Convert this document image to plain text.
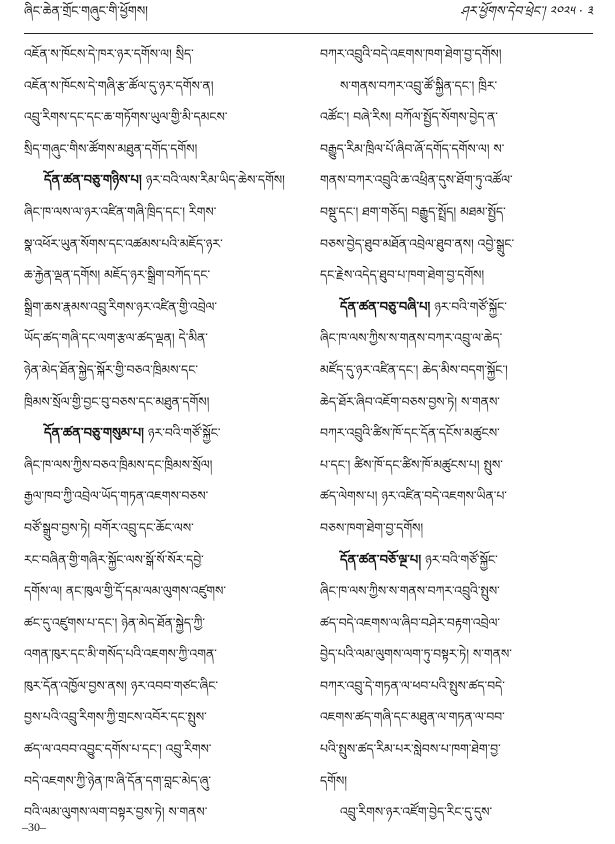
ཞིང་ཆེན་གྲོང་གཞུང་གི་ཕྱོགས།	ཤར་ཕྱོགས་དེབ་ཕྲེང་། ༢༠༢༥ · ༣
འཇོན་ས་ཁོངས་དེ་ཁར་ཉར་དགོས་ལ། སྲིད་
འཇོན་ས་ཁོངས་དེ་གཞི་རྩ་ཚོལ་དུ་ཉར་དགོས་ན།
འབྲུ་རིགས་དང་དང་ཆ་གཏོགས་ཡུལ་གྱི་མི་དམངས་
སྲིད་གཞུང་གིས་ཚོགས་མཐུན་དགོད་དགོས།
དོན་ཚན་བཅུ་གཉིས་པ། ཉར་བའི་ལས་རིམ་ཡིད་ཆེས་དགོས།
ཞིང་ཁ་ལས་ལ་ཉར་འཛིན་གཞི་ཁྲིད་དང་། རིགས་
སྣ་འཕོར་ཡུན་སོགས་དང་འཚམས་པའི་མཇོད་ཉར་
ཆ་རྐྱེན་ལྡན་དགོས། མཇོད་ཉར་སྒྲིག་བཀོད་དང་
སྒྲིག་ཆས་རྣམས་འབྲུ་རིགས་ཉར་འཛིན་གྱི་འབྲེལ་
ཡོད་ཚད་གཞི་དང་ལག་རྩལ་ཚད་ལྡན། དེ་མིན་
ཉེན་མེད་ཐོན་སྐྱེད་སྐོར་གྱི་བཅའ་ཁྲིམས་དང་
ཁྲིམས་སྲོལ་གྱི་བྱང་བུ་བཅས་དང་མཐུན་དགོས།
དོན་ཚན་བཅུ་གསུམ་པ། ཉར་བའི་གཙོ་སྐྱོང་
ཞིང་ཁ་ལས་ཀྱིས་བཅའ་ཁྲིམས་དང་ཁྲིམས་སྲོལ།
རྒྱལ་ཁབ་ཀྱི་འབྲེལ་ཡོད་གཏན་འཇགས་བཅས་
བཙོ་སྒྲུབ་བྱས་ཏེ། བགོར་འབྲུ་དང་ཆོང་ལས་
རང་བཞིན་གྱི་གཞིར་སྐྱོང་ལས་སྒོ་སོ་སོར་དབྱེ་
དགོས་ལ། ནང་ཁུལ་གྱི་དོ་དམ་ལམ་ལུགས་འཛུགས་
ཚང་དུ་འཛུགས་པ་དང་། ཉེན་མེད་ཐོན་སྐྱེད་ཀྱི་
འགན་ཁུར་དང་མི་གསོད་པའི་འཇགས་ཀྱི་འགན་
ཁུར་དོན་འཁྱོལ་བྱས་ནས། ཉར་འབབ་གཙང་ཞིང་
བྱས་པའི་འབྲུ་རིགས་ཀྱི་གྲངས་འབོར་དང་སྤུས་
ཚད་ལ་འབབ་འབྱུང་དགོས་པ་དང་། འབྲུ་རིགས་
བདེ་འཇགས་ཀྱི་ཉེན་ཁ་ཞི་དོན་དག་བླང་མེད་ཞུ་
བའི་ལམ་ལུགས་ལག་བསྟར་བྱས་ཏེ། ས་གནས་
བཀར་འབྲུའི་བདེ་འཇགས་ཁག་ཐེག་བྱ་དགོས།
ས་གནས་བཀར་འབྲུ་ཚོ་སྐྱིན་དང་། ཁྲིར་
འཚོང་། བཞེ་རིས། བཀོལ་སྤྱོད་སོགས་བྱེད་ན་
བརྒྱུད་རིམ་ཁྲིལ་པོ་ཞིབ་ཞོ་དགོད་དགོས་ལ། ས་
གནས་བཀར་འབྲུའི་ཆ་འཕྲིན་དུས་ཐོག་ཏུ་འཚོལ་
བསྡུ་དང་། ཐག་གཅོད། བརྒྱུད་སྤྲོད། མཐམ་སྤྱོད་
བཅས་བྱེད་ཐུབ་མཐོན་འབྲེལ་ཐུབ་ནས། འབྱེ་སྒྲུང་
དང་རྗེས་འདེད་ཐུབ་པ་ཁག་ཐེག་བྱ་དགོས།
དོན་ཚན་བཅུ་བཞི་པ། ཉར་བའི་གཙོ་སྐྱོང་
ཞིང་ཁ་ལས་ཀྱིས་ས་གནས་བཀར་འབྲུ་ལ་ཆེད་
མཛོད་དུ་ཉར་འཛིན་དང་། ཆེད་མིས་བདག་སྐྱོང་།
ཆེད་ཐོར་ཞིབ་འཇོག་བཅས་བྱས་ཏེ། ས་གནས་
བཀར་འབྲུའི་ཚིས་ཁོ་དང་དོན་དངོས་མཚུངས་
པ་དང་། ཚིས་ཁོ་དང་ཚིས་ཁོ་མཚུངས་པ། སྤུས་
ཚད་ལེགས་པ། ཉར་འཛིན་བདེ་འཇགས་ཡིན་པ་
བཅས་ཁག་ཐེག་བྱ་དགོས།
དོན་ཚན་བཅོ་ལྔ་པ། ཉར་བའི་གཙོ་སྐྱོང་
ཞིང་ཁ་ལས་ཀྱིས་ས་གནས་བཀར་འབྲུའི་སྤུས་
ཚད་བདེ་འཇགས་ལ་ཞིབ་བཤེར་བརྟག་འབྲེལ་
བྱེད་པའི་ལམ་ལུགས་ལག་ཏུ་བསྟར་ཏེ། ས་གནས་
བཀར་འབྲུ་དེ་གཏན་ལ་ཕབ་པའི་སྤུས་ཚད་བདེ་
འཇགས་ཚད་གཞི་དང་མཐུན་ལ་གཏན་ལ་བབ་
པའི་སྤུས་ཚད་རིམ་པར་སླེབས་པ་ཁག་ཐེག་བྱ་
དགོས།
འབྲུ་རིགས་ཉར་འཛོག་བྱེད་རིང་དུ་དུས་
–30–
